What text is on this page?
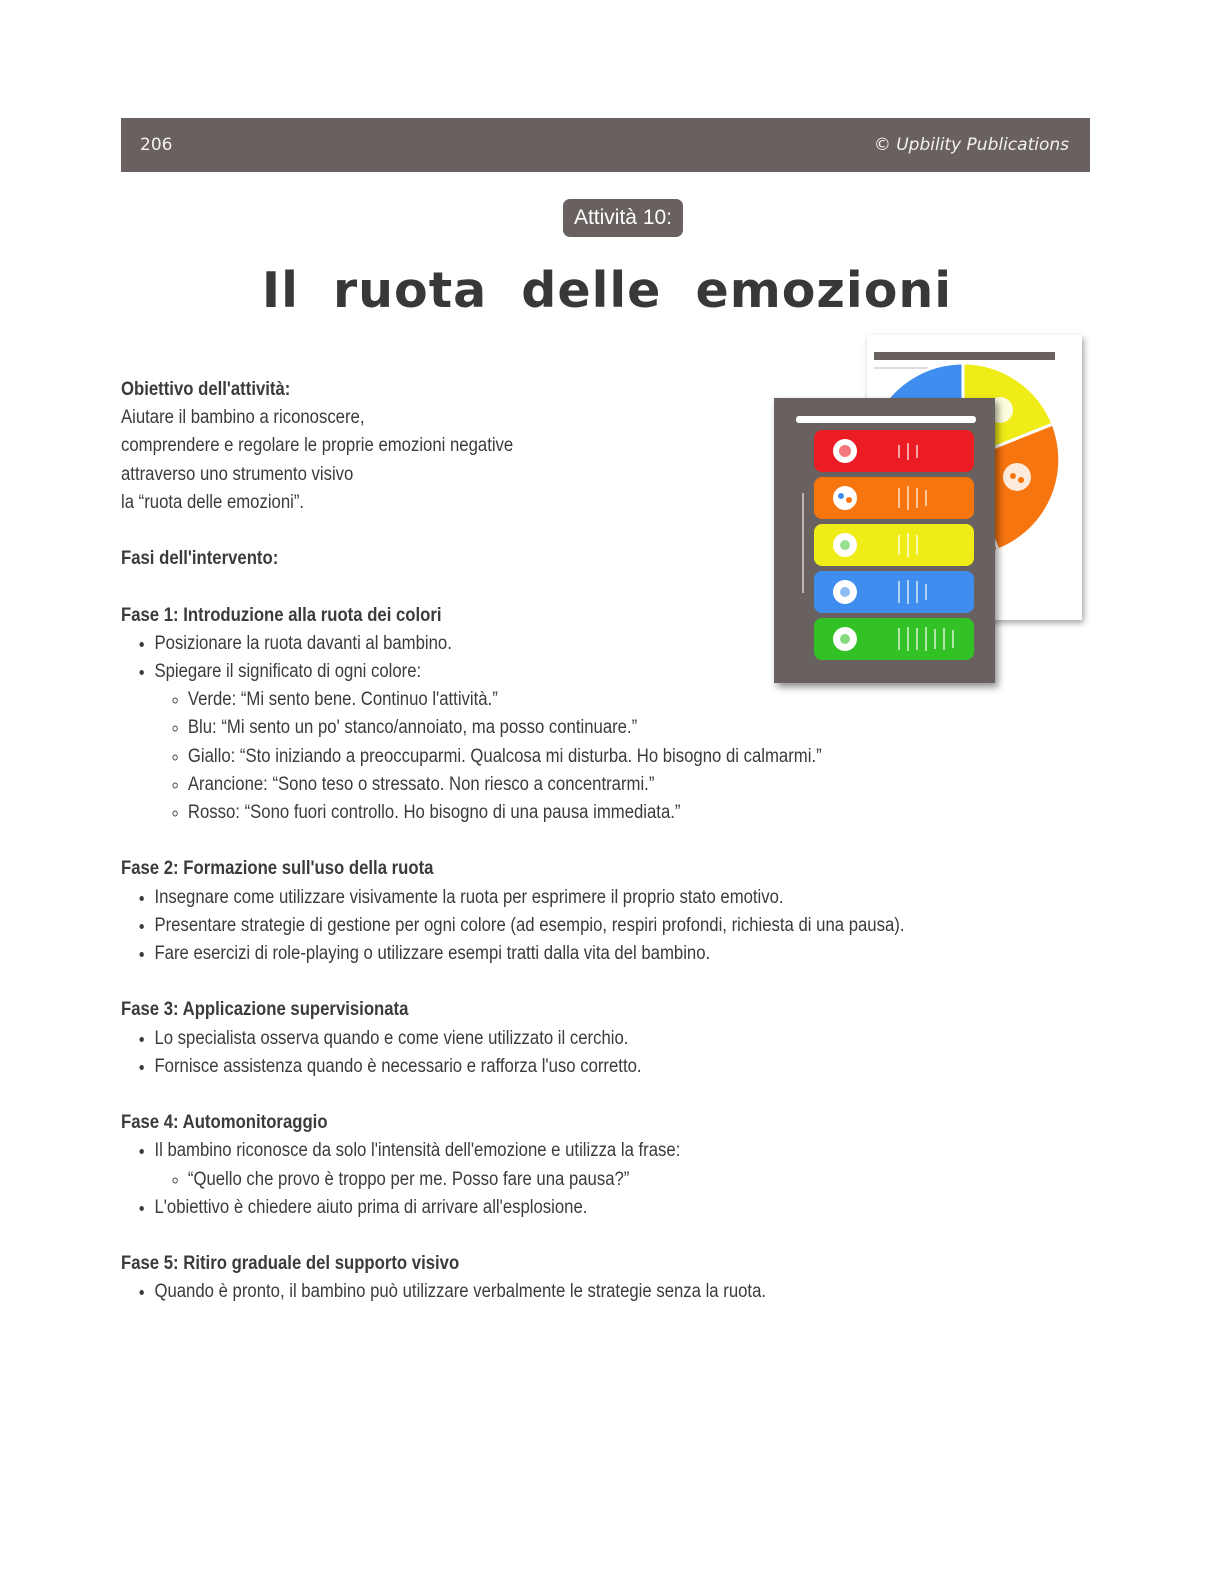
206	© Upbility Publications
Attività 10:
Il ruota delle emozioni

Obiettivo dell'attività:

Aiutare il bambino a riconoscere,

comprendere e regolare le proprie emozioni negative

attraverso uno strumento visivo

la “ruota delle emozioni”.

Fasi dell'intervento:

Fase 1: Introduzione alla ruota dei colori

• Posizionare la ruota davanti al bambino.
• Spiegare il significato di ogni colore:
◦ Verde: “Mi sento bene. Continuo l'attività.”
◦ Blu: “Mi sento un po' stanco/annoiato, ma posso continuare.”
◦ Giallo: “Sto iniziando a preoccuparmi. Qualcosa mi disturba. Ho bisogno di calmarmi.”
◦ Arancione: “Sono teso o stressato. Non riesco a concentrarmi.”
◦ Rosso: “Sono fuori controllo. Ho bisogno di una pausa immediata.”

Fase 2: Formazione sull'uso della ruota

• Insegnare come utilizzare visivamente la ruota per esprimere il proprio stato emotivo.
• Presentare strategie di gestione per ogni colore (ad esempio, respiri profondi, richiesta di una pausa).
• Fare esercizi di role-playing o utilizzare esempi tratti dalla vita del bambino.

Fase 3: Applicazione supervisionata

• Lo specialista osserva quando e come viene utilizzato il cerchio.
• Fornisce assistenza quando è necessario e rafforza l'uso corretto.

Fase 4: Automonitoraggio

• Il bambino riconosce da solo l'intensità dell'emozione e utilizza la frase:
◦ “Quello che provo è troppo per me. Posso fare una pausa?”
• L'obiettivo è chiedere aiuto prima di arrivare all'esplosione.

Fase 5: Ritiro graduale del supporto visivo

• Quando è pronto, il bambino può utilizzare verbalmente le strategie senza la ruota.
